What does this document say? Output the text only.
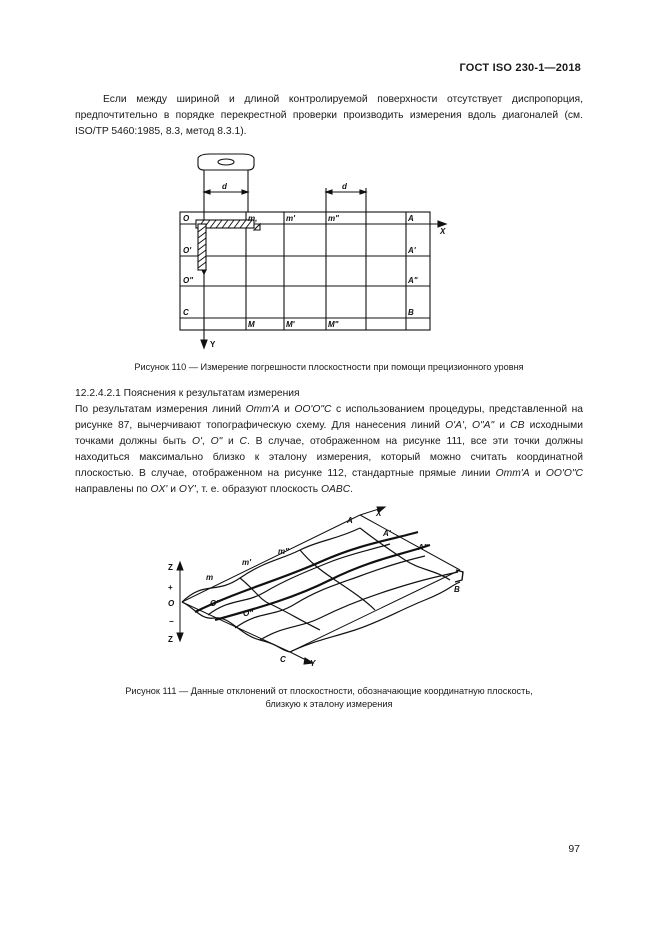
ГОСТ ISO 230-1—2018
Если между шириной и длиной контролируемой поверхности отсутствует диспропорция, предпочтительно в порядке перекрестной проверки производить измерения вдоль диагоналей (см. ISO/TP 5460:1985, 8.3, метод 8.3.1).
d	d
O	m,	m'	m"	A
O'	A'
O"	A"
C	B
M	M'	M"
X
Y
Рисунок 110 — Измерение погрешности плоскостности при помощи прецизионного уровня
12.2.4.2.1 Пояснения к результатам измерения

По результатам измерения линий Omm'A и OO'O"C с использованием процедуры, представленной на рисунке 87, вычерчивают топографическую схему. Для нанесения линий O'A', O"A" и CB исходными точками должны быть O', O" и C. В случае, отображенном на рисунке 111, все эти точки должны находиться максимально близко к эталону измерения, который можно считать координатной плоскостью. В случае, отображенном на рисунке 112, стандартные прямые линии Omm'A и OO'O"C направлены по OX' и OY', т. е. образуют плоскость OABC.

A
X
A'
A"
m"
m'
m
Z
+
O
−
Z
O'
O"
C	Y
B
Рисунок 111 — Данные отклонений от плоскостности, обозначающие координатную плоскость,
близкую к эталону измерения
97
